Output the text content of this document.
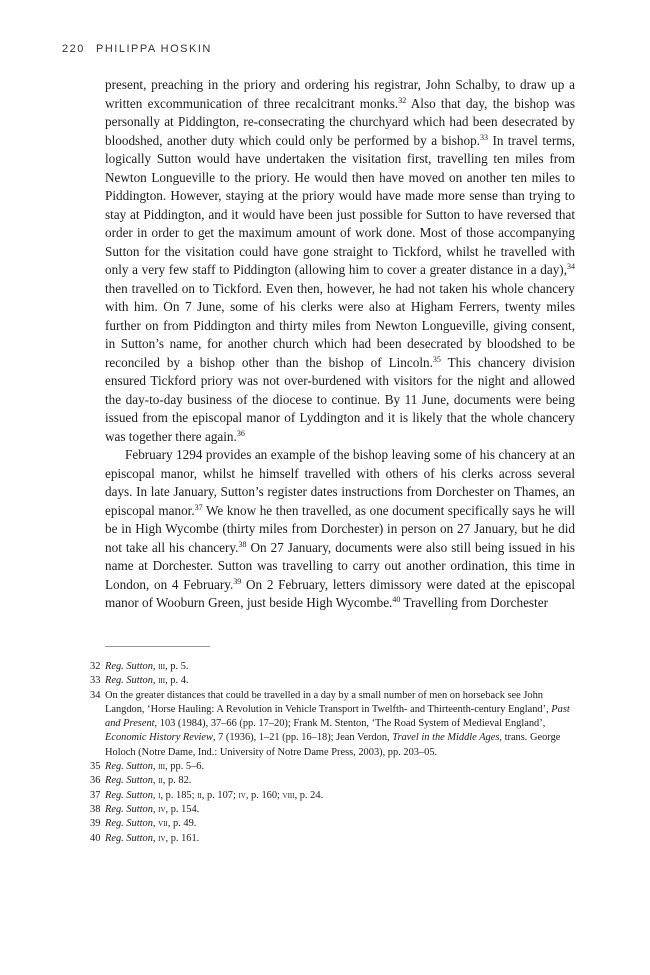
220 PHILIPPA HOSKIN

present, preaching in the priory and ordering his registrar, John Schalby, to draw up a written excommunication of three recalcitrant monks.$^{32}$ Also that day, the bishop was personally at Piddington, re-consecrating the churchyard which had been desecrated by bloodshed, another duty which could only be performed by a bishop.$^{33}$ In travel terms, logically Sutton would have undertaken the visitation first, travelling ten miles from Newton Longueville to the priory. He would then have moved on another ten miles to Piddington. However, staying at the priory would have made more sense than trying to stay at Piddington, and it would have been just possible for Sutton to have reversed that order in order to get the maximum amount of work done. Most of those accompanying Sutton for the visitation could have gone straight to Tickford, whilst he travelled with only a very few staff to Piddington (allowing him to cover a greater distance in a day),$^{34}$ then travelled on to Tickford. Even then, however, he had not taken his whole chancery with him. On 7 June, some of his clerks were also at Higham Ferrers, twenty miles further on from Piddington and thirty miles from Newton Longueville, giving consent, in Sutton’s name, for another church which had been desecrated by bloodshed to be reconciled by a bishop other than the bishop of Lincoln.$^{35}$ This chancery division ensured Tickford priory was not over-burdened with visitors for the night and allowed the day-to-day business of the diocese to continue. By 11 June, documents were being issued from the episcopal manor of Lyddington and it is likely that the whole chancery was together there again.$^{36}$

February 1294 provides an example of the bishop leaving some of his chancery at an episcopal manor, whilst he himself travelled with others of his clerks across several days. In late January, Sutton’s register dates instructions from Dorchester on Thames, an episcopal manor.$^{37}$ We know he then travelled, as one document specifically says he will be in High Wycombe (thirty miles from Dorchester) in person on 27 January, but he did not take all his chancery.$^{38}$ On 27 January, documents were also still being issued in his name at Dorchester. Sutton was travelling to carry out another ordination, this time in London, on 4 February.$^{39}$ On 2 February, letters dimissory were dated at the episcopal manor of Wooburn Green, just beside High Wycombe.$^{40}$ Travelling from Dorchester

32 Reg. Sutton, iii, p. 5.
33 Reg. Sutton, iii, p. 4.
34 On the greater distances that could be travelled in a day by a small number of men on horseback see John Langdon, ‘Horse Hauling: A Revolution in Vehicle Transport in Twelfth- and Thirteenth-century England’, Past and Present, 103 (1984), 37–66 (pp. 17–20); Frank M. Stenton, ‘The Road System of Medieval England’, Economic History Review, 7 (1936), 1–21 (pp. 16–18); Jean Verdon, Travel in the Middle Ages, trans. George Holoch (Notre Dame, Ind.: University of Notre Dame Press, 2003), pp. 203–05.
35 Reg. Sutton, iii, pp. 5–6.
36 Reg. Sutton, ii, p. 82.
37 Reg. Sutton, i, p. 185; ii, p. 107; iv, p. 160; viii, p. 24.
38 Reg. Sutton, iv, p. 154.
39 Reg. Sutton, vii, p. 49.
40 Reg. Sutton, iv, p. 161.
